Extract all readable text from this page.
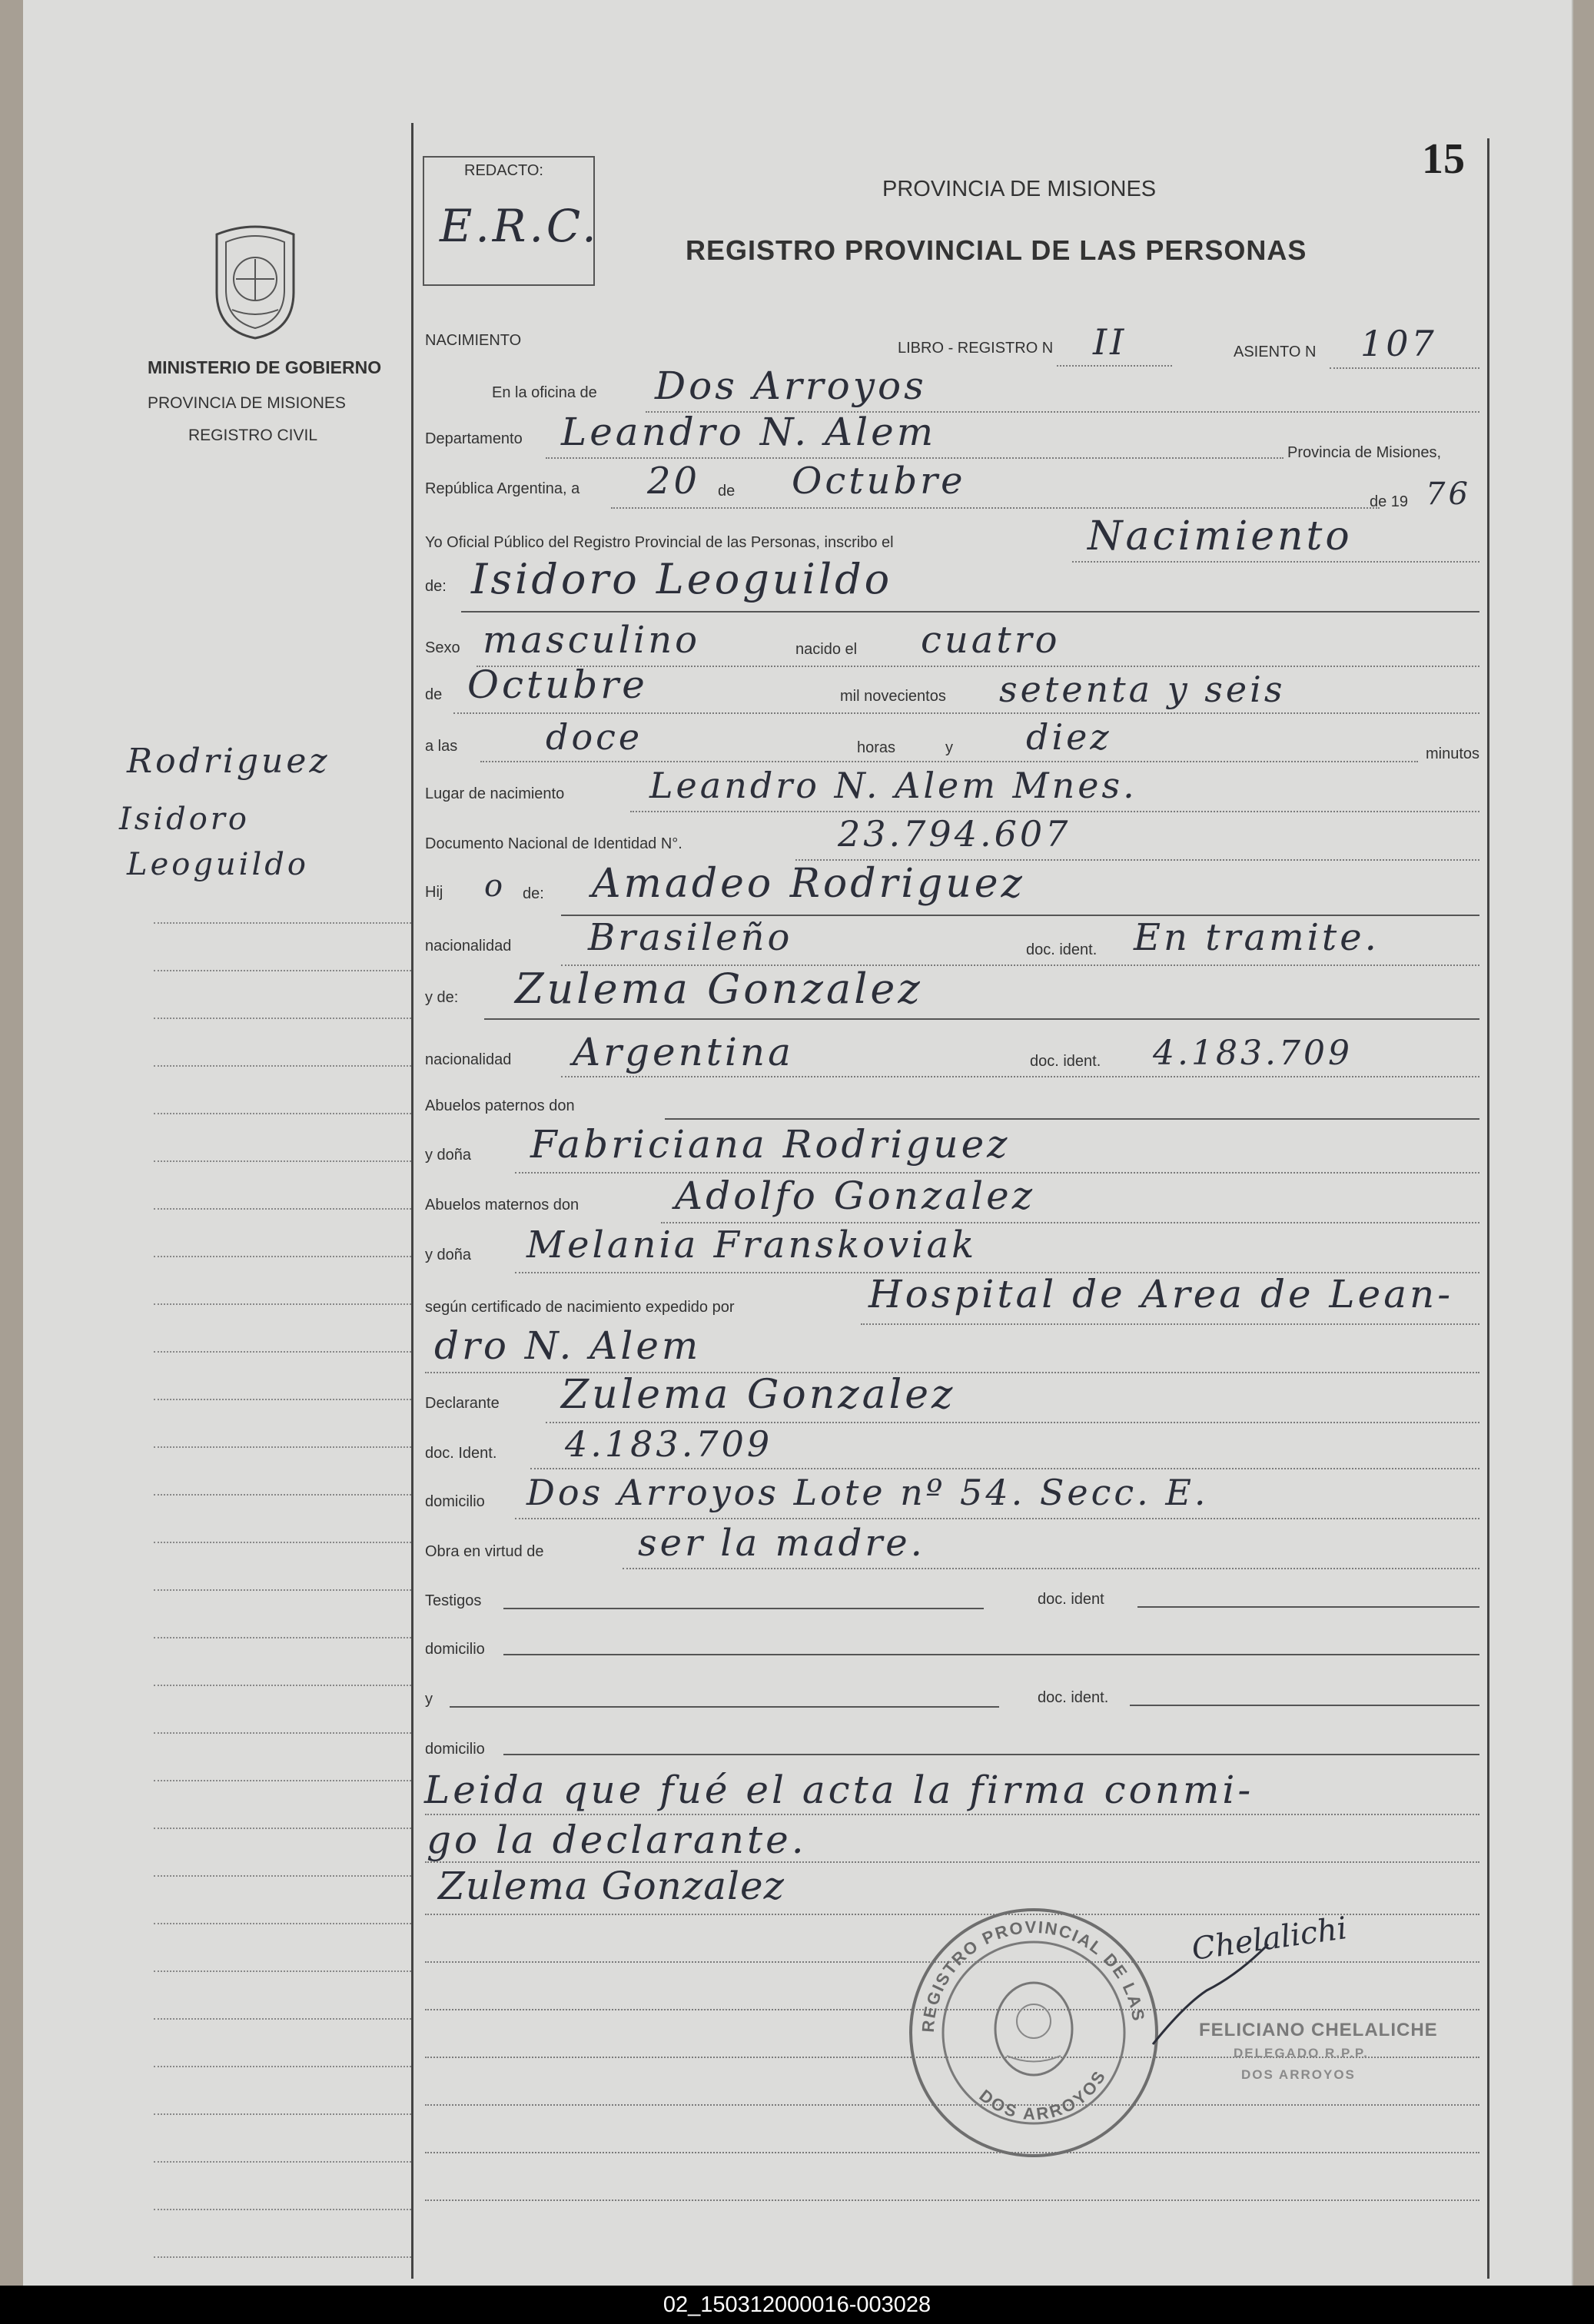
15
REDACTO:
E.R.C.
PROVINCIA DE MISIONES
REGISTRO PROVINCIAL DE LAS PERSONAS
MINISTERIO DE GOBIERNO
PROVINCIA DE MISIONES
REGISTRO CIVIL
Rodriguez
Isidoro
Leoguildo
NACIMIENTO	LIBRO - REGISTRO N II	ASIENTO N 107
En la oficina de Dos Arroyos
Departamento Leandro N. Alem	Provincia de Misiones,
República Argentina, a 20 de Octubre	de 19 76
Yo Oficial Público del Registro Provincial de las Personas, inscribo el	Nacimiento
de: Isidoro Leoguildo
Sexo masculino	nacido el cuatro
de Octubre	mil novecientos setenta y seis
a las doce	horas	y diez	minutos
Lugar de nacimiento Leandro N. Alem Mnes.
Documento Nacional de Identidad N°.	23.794.607
Hij o de: Amadeo Rodriguez
nacionalidad Brasileño	doc. ident. En tramite.
y de: Zulema Gonzalez
nacionalidad Argentina	doc. ident. 4.183.709
Abuelos paternos don
y doña Fabriciana Rodriguez
Abuelos maternos don Adolfo Gonzalez
y doña Melania Franskoviak
según certificado de nacimiento expedido por	Hospital de Area de Lean-
dro N. Alem
Declarante Zulema Gonzalez
doc. Ident. 4.183.709
domicilio Dos Arroyos Lote nº 54. Secc. E.
Obra en virtud de	ser la madre.
Testigos	doc. ident
domicilio
y	doc. ident.
domicilio
Leida que fué el acta la firma conmi-
go la declarante.
Zulema Gonzalez
REGISTRO PROVINCIAL DE LAS
DOS ARROYOS
Chelalichi
FELICIANO CHELALICHE
DELEGADO R.P.P.
DOS ARROYOS
02_150312000016-003028
